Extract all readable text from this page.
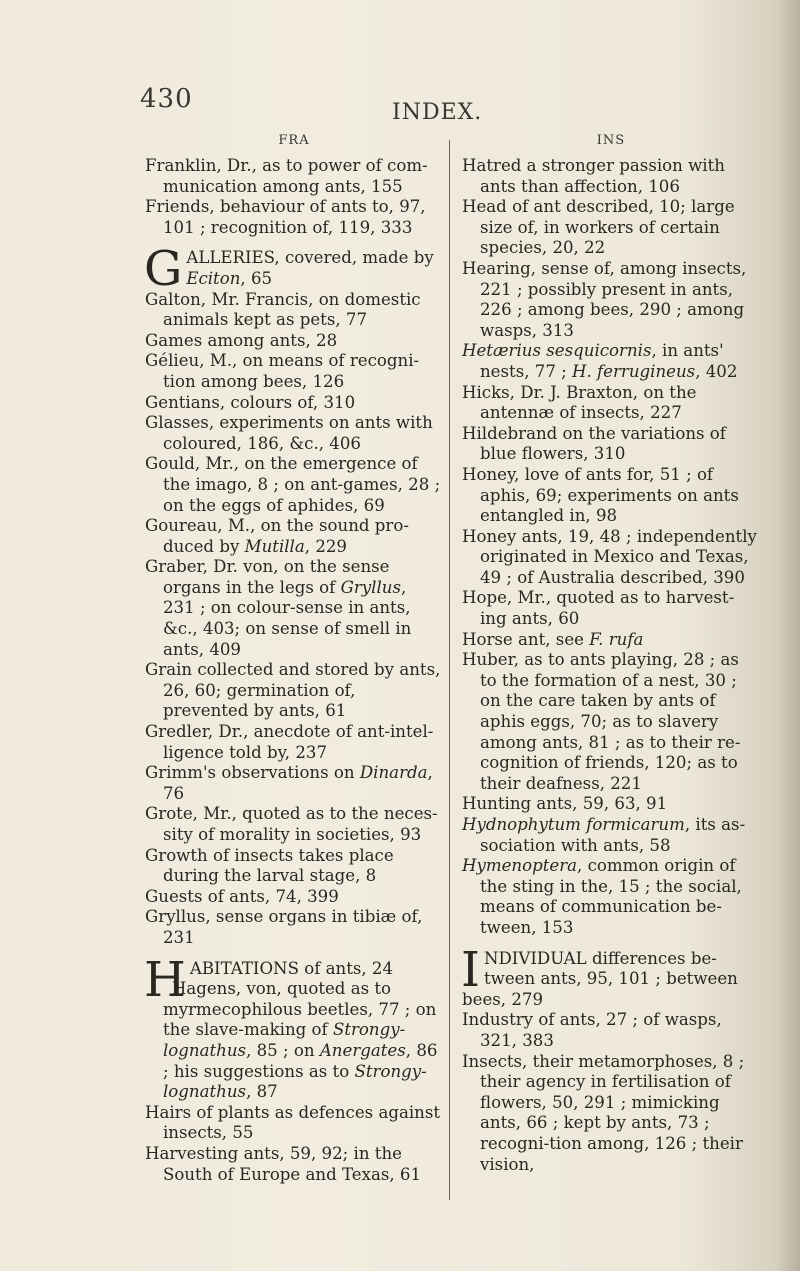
430	INDEX.
FRA

Franklin, Dr., as to power of com-munication among ants, 155

Friends, behaviour of ants to, 97, 101 ; recognition of, 119, 333

GALLERIES, covered, made by Eciton, 65

Galton, Mr. Francis, on domestic animals kept as pets, 77

Games among ants, 28

Gélieu, M., on means of recogni-tion among bees, 126

Gentians, colours of, 310

Glasses, experiments on ants with coloured, 186, &c., 406

Gould, Mr., on the emergence of the imago, 8 ; on ant-games, 28 ; on the eggs of aphides, 69

Goureau, M., on the sound pro-duced by Mutilla, 229

Graber, Dr. von, on the sense organs in the legs of Gryllus, 231 ; on colour-sense in ants, &c., 403; on sense of smell in ants, 409

Grain collected and stored by ants, 26, 60; germination of, prevented by ants, 61

Gredler, Dr., anecdote of ant-intel-ligence told by, 237

Grimm's observations on Dinarda, 76

Grote, Mr., quoted as to the neces-sity of morality in societies, 93

Growth of insects takes place during the larval stage, 8

Guests of ants, 74, 399

Gryllus, sense organs in tibiæ of, 231

HABITATIONS of ants, 24

Hagens, von, quoted as to myrmecophilous beetles, 77 ; on the slave-making of Strongy-lognathus, 85 ; on Anergates, 86 ; his suggestions as to Strongy-lognathus, 87

Hairs of plants as defences against insects, 55

Harvesting ants, 59, 92; in the South of Europe and Texas, 61

INS

Hatred a stronger passion with ants than affection, 106

Head of ant described, 10; large size of, in workers of certain species, 20, 22

Hearing, sense of, among insects, 221 ; possibly present in ants, 226 ; among bees, 290 ; among wasps, 313

Hetærius sesquicornis, in ants' nests, 77 ; H. ferrugineus, 402

Hicks, Dr. J. Braxton, on the antennæ of insects, 227

Hildebrand on the variations of blue flowers, 310

Honey, love of ants for, 51 ; of aphis, 69; experiments on ants entangled in, 98

Honey ants, 19, 48 ; independently originated in Mexico and Texas, 49 ; of Australia described, 390

Hope, Mr., quoted as to harvest-ing ants, 60

Horse ant, see F. rufa

Huber, as to ants playing, 28 ; as to the formation of a nest, 30 ; on the care taken by ants of aphis eggs, 70; as to slavery among ants, 81 ; as to their re-cognition of friends, 120; as to their deafness, 221

Hunting ants, 59, 63, 91

Hydnophytum formicarum, its as-sociation with ants, 58

Hymenoptera, common origin of the sting in the, 15 ; the social, means of communication be-tween, 153

INDIVIDUAL differences be-tween ants, 95, 101 ; between bees, 279

Industry of ants, 27 ; of wasps, 321, 383

Insects, their metamorphoses, 8 ; their agency in fertilisation of flowers, 50, 291 ; mimicking ants, 66 ; kept by ants, 73 ; recogni-tion among, 126 ; their vision,
